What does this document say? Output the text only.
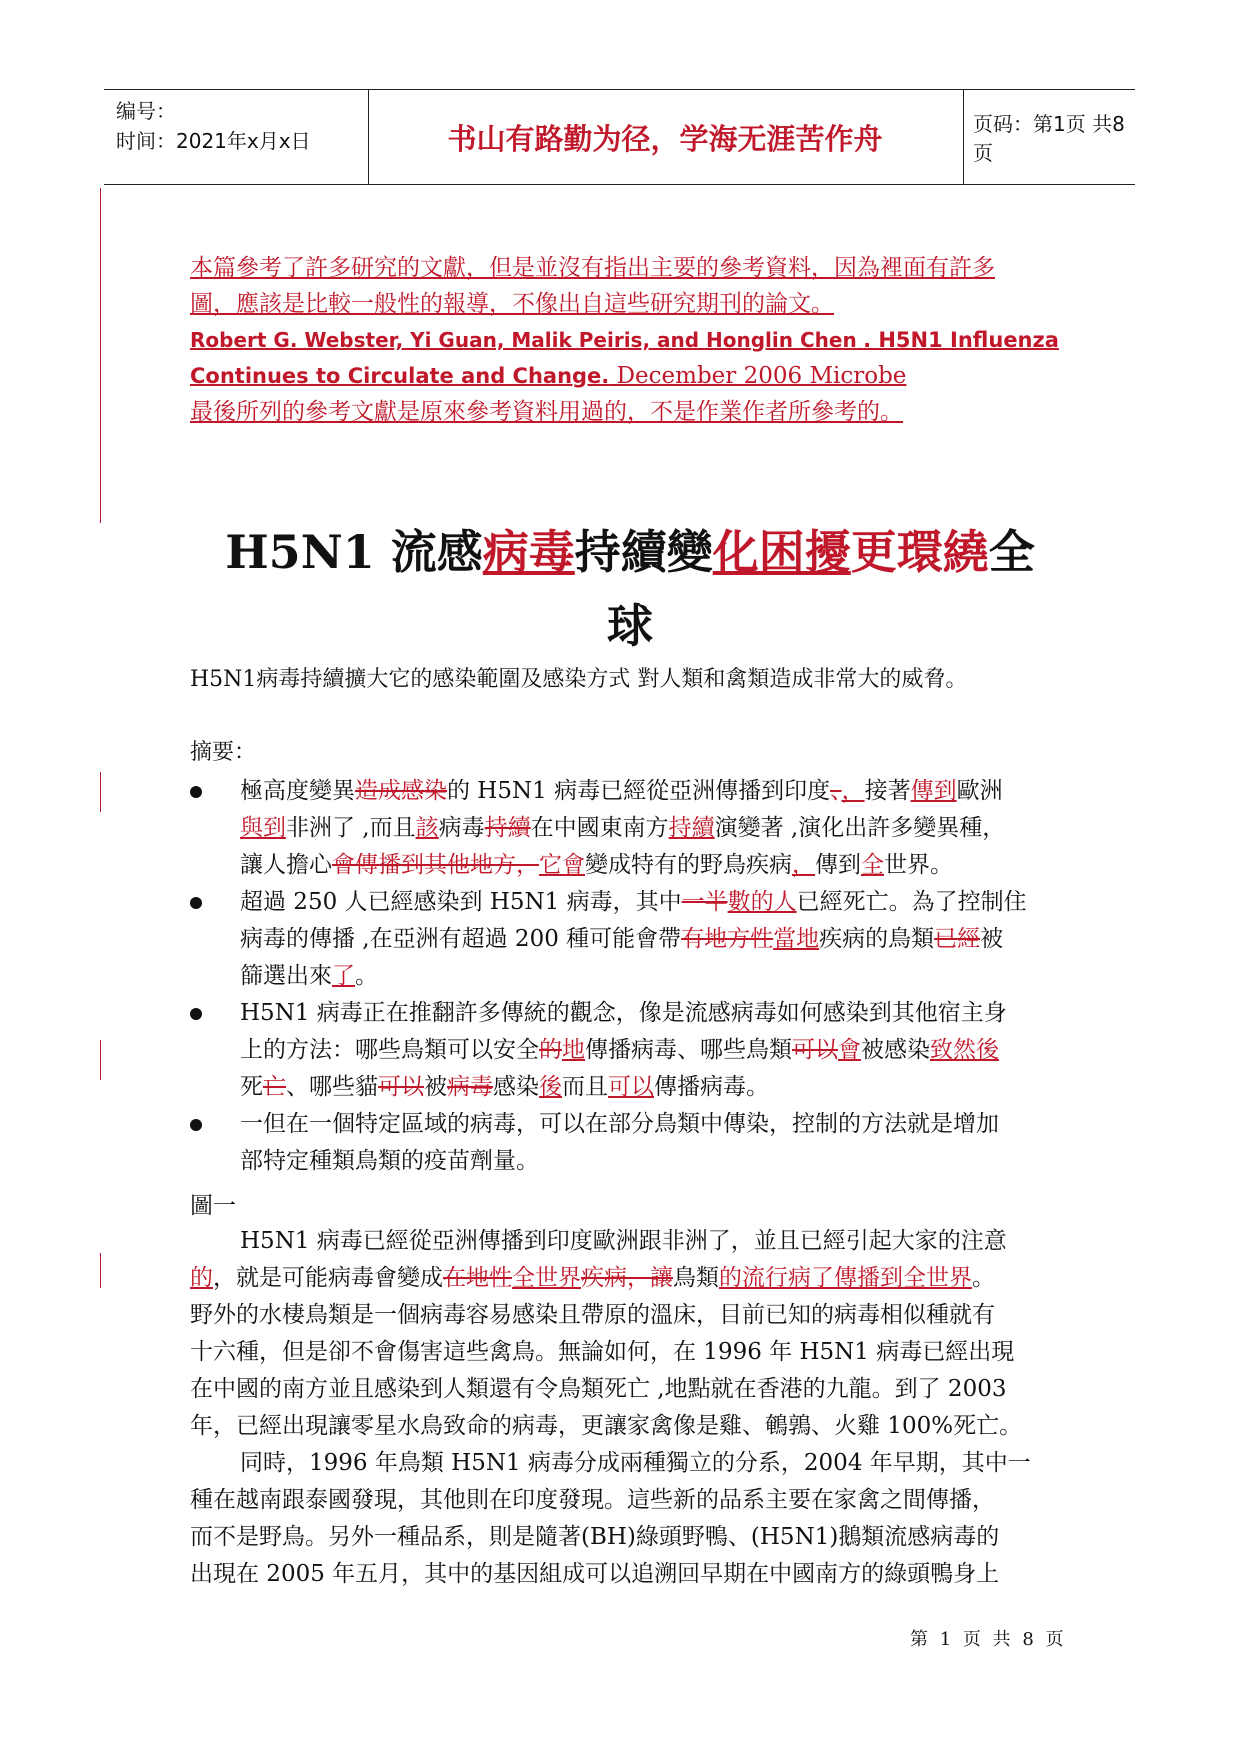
编号：
时间：2021年x月x日	书山有路勤为径，学海无涯苦作舟	页码：第1页 共8页
本篇參考了許多研究的文獻，但是並沒有指出主要的參考資料，因為裡面有許多
圖，應該是比較一般性的報導，不像出自這些研究期刊的論文。
Robert G. Webster, Yi Guan, Malik Peiris, and Honglin Chen . H5N1 Influenza
Continues to Circulate and Change. December 2006 Microbe
最後所列的參考文獻是原來參考資料用過的，不是作業作者所參考的。
H5N1 流感病毒持續變化困擾更環繞全
球
H5N1病毒持續擴大它的感染範圍及感染方式 對人類和禽類造成非常大的威脅。
摘要：
極高度變異造成感染的 H5N1 病毒已經從亞洲傳播到印度、，接著傳到歐洲
與到非洲了 ,而且該病毒持續在中國東南方持續演變著 ,演化出許多變異種，
讓人擔心會傳播到其他地方，它會變成特有的野鳥疾病，傳到全世界。
超過 250 人已經感染到 H5N1 病毒，其中一半數的人已經死亡。為了控制住
病毒的傳播 ,在亞洲有超過 200 種可能會帶有地方性當地疾病的鳥類已經被
篩選出來了。
H5N1 病毒正在推翻許多傳統的觀念，像是流感病毒如何感染到其他宿主身
上的方法：哪些鳥類可以安全的地傳播病毒、哪些鳥類可以會被感染致然後
死亡、哪些貓可以被病毒感染後而且可以傳播病毒。
一但在一個特定區域的病毒，可以在部分鳥類中傳染，控制的方法就是增加
部特定種類鳥類的疫苗劑量。
圖一
H5N1 病毒已經從亞洲傳播到印度歐洲跟非洲了，並且已經引起大家的注意
的，就是可能病毒會變成在地性全世界疾病，讓鳥類的流行病了傳播到全世界。
野外的水棲鳥類是一個病毒容易感染且帶原的溫床，目前已知的病毒相似種就有
十六種，但是卻不會傷害這些禽鳥。無論如何，在 1996 年 H5N1 病毒已經出現
在中國的南方並且感染到人類還有令鳥類死亡 ,地點就在香港的九龍。到了 2003
年，已經出現讓零星水鳥致命的病毒，更讓家禽像是雞、鵪鶉、火雞 100%死亡。
同時，1996 年鳥類 H5N1 病毒分成兩種獨立的分系，2004 年早期，其中一
種在越南跟泰國發現，其他則在印度發現。這些新的品系主要在家禽之間傳播，
而不是野鳥。另外一種品系，則是隨著(BH)綠頭野鴨、(H5N1)鵝類流感病毒的
出現在 2005 年五月，其中的基因組成可以追溯回早期在中國南方的綠頭鴨身上
第 1 页 共 8 页
